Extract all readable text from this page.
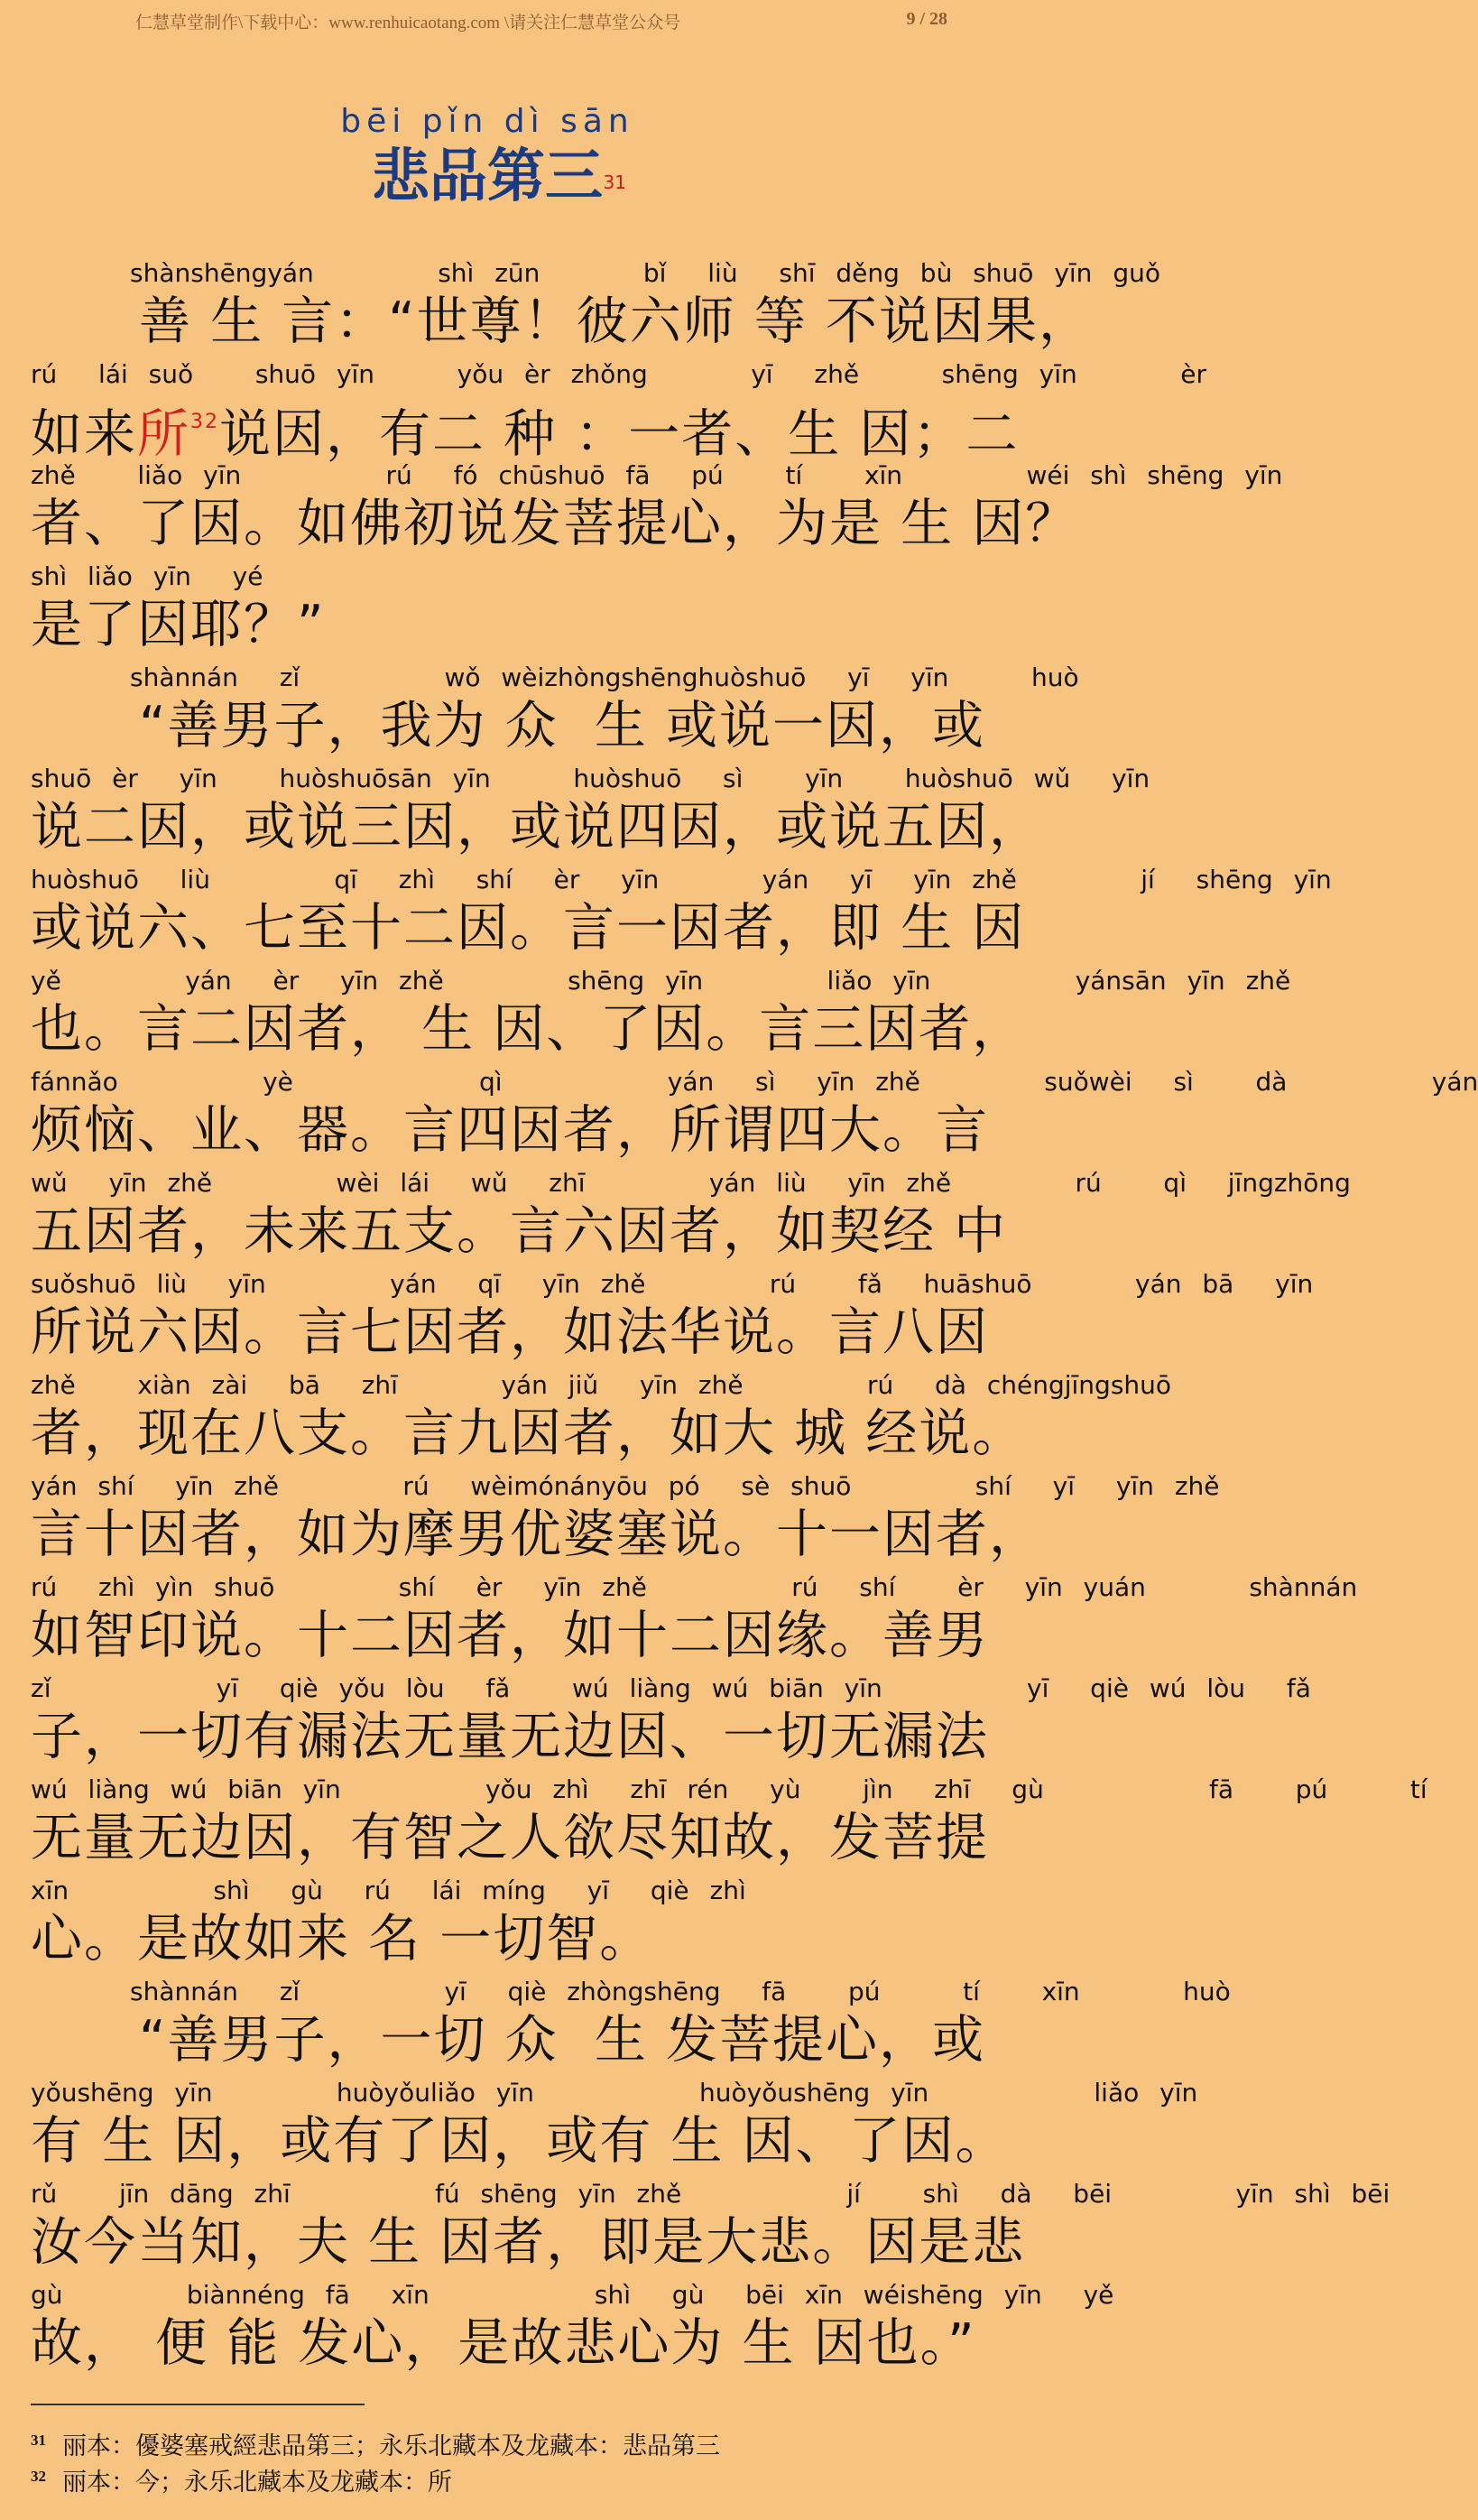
仁慧草堂制作\下载中心：www.renhuicaotang.com \请关注仁慧草堂公众号	9 / 28
bēi pǐn dì sān
悲品第三 31
shànshēngyán      shì zūn     bǐ  liù  shī děng bù shuō yīn guǒ
善 生 言：“世尊！彼六师 等 不说因果，
rú  lái suǒ   shuō yīn    yǒu èr zhǒng     yī  zhě    shēng yīn     èr
如来所$^{32}$说因，有二 种 ：一者、生 因；二
zhě   liǎo yīn       rú  fó chūshuō fā  pú   tí   xīn      wéi shì shēng yīn
者、了因。如佛初说发菩提心，为是 生 因？
shì liǎo yīn  yé
是了因耶？”
shànnán  zǐ       wǒ wèizhòngshēnghuòshuō  yī  yīn    huò
“善男子，我为 众  生 或说一因，或
shuō èr  yīn   huòshuōsān yīn    huòshuō  sì   yīn   huòshuō wǔ  yīn
说二因，或说三因，或说四因，或说五因，
huòshuō  liù      qī  zhì  shí  èr  yīn     yán  yī  yīn zhě      jí  shēng yīn
或说六、七至十二因。言一因者，即 生 因
yě      yán  èr  yīn zhě      shēng yīn      liǎo yīn       yánsān yīn zhě
也。言二因者， 生 因、了因。言三因者，
fánnǎo       yè         qì        yán  sì  yīn zhě      suǒwèi  sì   dà       yán
烦恼、业、器。言四因者，所谓四大。言
wǔ  yīn zhě      wèi lái  wǔ  zhī      yán liù  yīn zhě      rú   qì  jīngzhōng
五因者，未来五支。言六因者，如契经 中
suǒshuō liù  yīn      yán  qī  yīn zhě      rú   fǎ  huāshuō     yán bā  yīn
所说六因。言七因者，如法华说。言八因
zhě   xiàn zài  bā  zhī     yán jiǔ  yīn zhě      rú  dà chéngjīngshuō
者，现在八支。言九因者，如大 城 经说。
yán shí  yīn zhě      rú  wèimónányōu pó  sè shuō      shí  yī  yīn zhě
言十因者，如为摩男优婆塞说。十一因者，
rú  zhì yìn shuō      shí  èr  yīn zhě       rú  shí   èr  yīn yuán     shànnán
如智印说。十二因者，如十二因缘。善男
zǐ        yī  qiè yǒu lòu  fǎ   wú liàng wú biān yīn       yī  qiè wú lòu  fǎ
子，一切有漏法无量无边因、一切无漏法
wú liàng wú biān yīn       yǒu zhì  zhī rén  yù   jìn  zhī  gù        fā   pú    tí
无量无边因，有智之人欲尽知故，发菩提
xīn       shì  gù  rú  lái míng  yī  qiè zhì
心。是故如来 名 一切智。
shànnán  zǐ       yī  qiè zhòngshēng  fā   pú    tí   xīn     huò
“善男子，一切 众  生 发菩提心，或
yǒushēng yīn      huòyǒuliǎo yīn        huòyǒushēng yīn        liǎo yīn
有 生 因，或有了因，或有 生 因、了因。
rǔ   jīn dāng zhī       fú shēng yīn zhě        jí   shì  dà  bēi      yīn shì bēi
汝今当知，夫 生 因者，即是大悲。因是悲
gù      biànnéng fā  xīn        shì  gù  bēi xīn wéishēng yīn  yě
故， 便 能 发心，是故悲心为 生 因也。”
$^{31}$ 丽本：優婆塞戒經悲品第三；永乐北藏本及龙藏本：悲品第三
$^{32}$ 丽本：今；永乐北藏本及龙藏本：所
